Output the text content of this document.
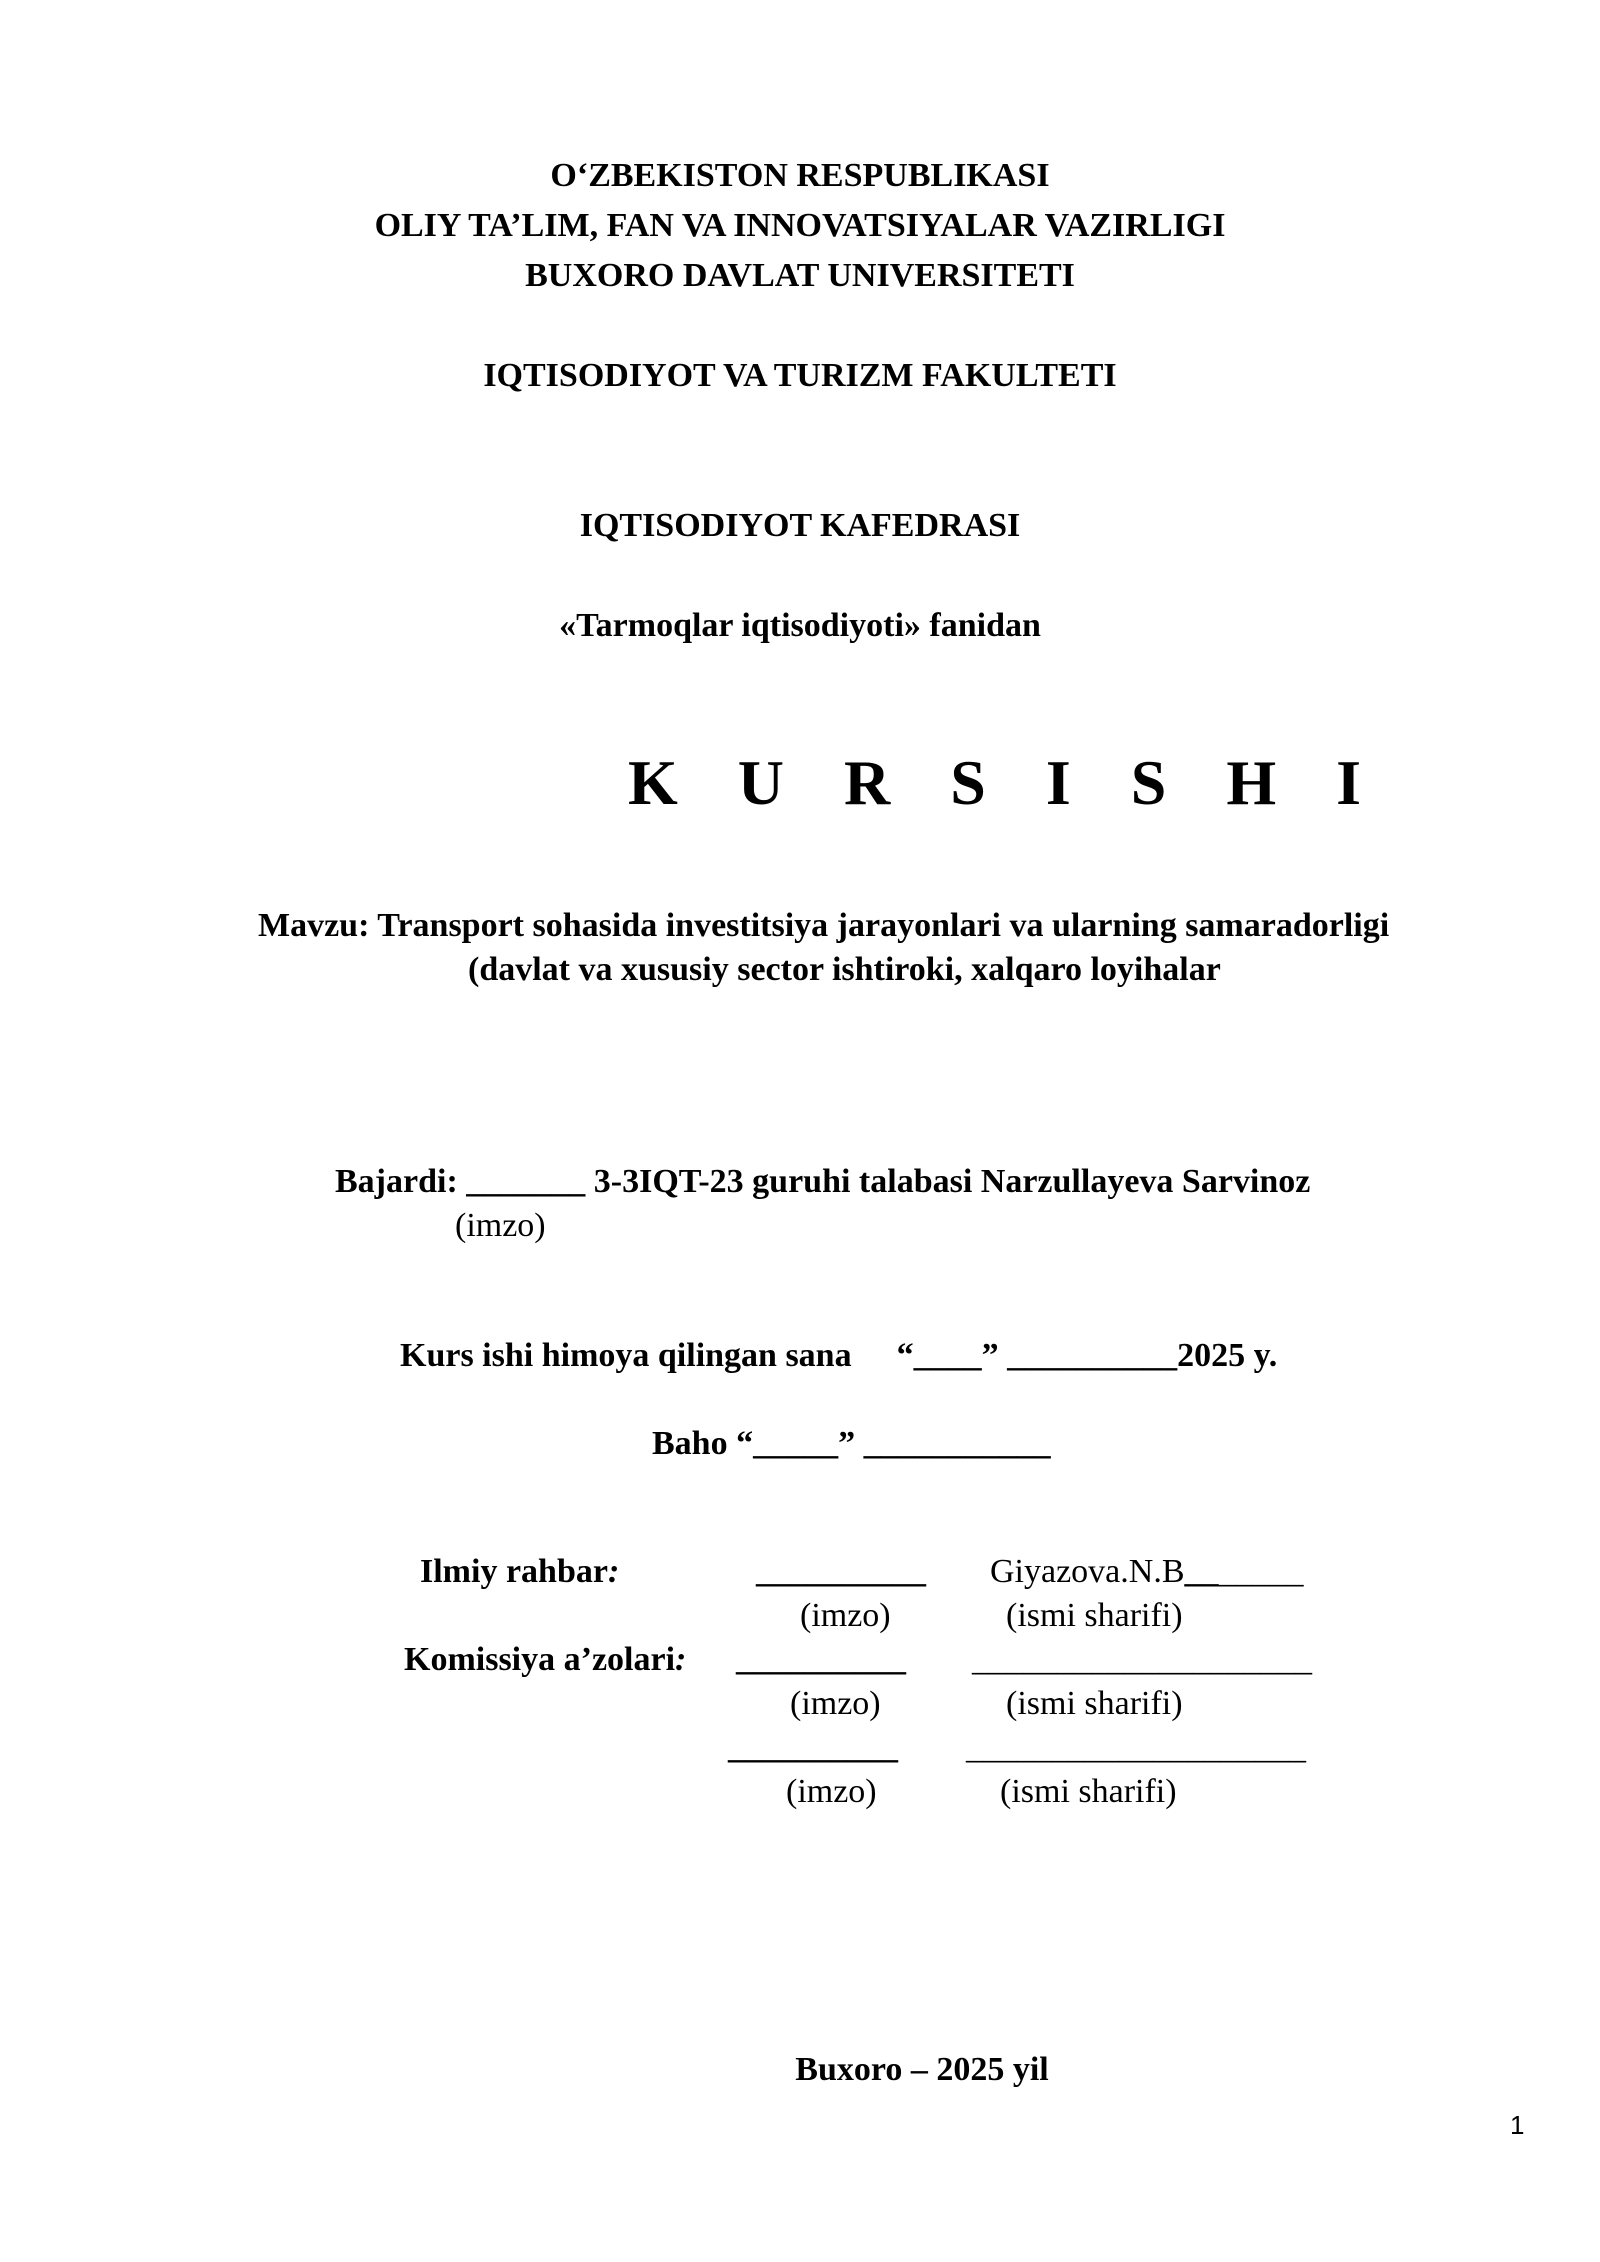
O‘ZBEKISTON RESPUBLIKASI
OLIY TA’LIM, FAN VA INNOVATSIYALAR VAZIRLIGI
BUXORO DAVLAT UNIVERSITETI
IQTISODIYOT VA TURIZM FAKULTETI
IQTISODIYOT KAFEDRASI
«Tarmoqlar iqtisodiyoti» fanidan
K U R S I S H I
Mavzu: Transport sohasida investitsiya jarayonlari va ularning samaradorligi
(davlat va xususiy sector ishtiroki, xalqaro loyihalar
Bajardi: _______ 3-3IQT-23 guruhi talabasi Narzullayeva Sarvinoz
(imzo)
Kurs ishi himoya qilingan sana “____” __________2025 y.
Baho “_____” ___________
Ilmiy rahbar:	__________ Giyazova.N.B_______
(imzo)	(ismi sharifi)
Komissiya a’zolari: __________ ____________________
(imzo)	(ismi sharifi)
__________ ____________________
(imzo)	(ismi sharifi)
Buxoro – 2025 yil
1
